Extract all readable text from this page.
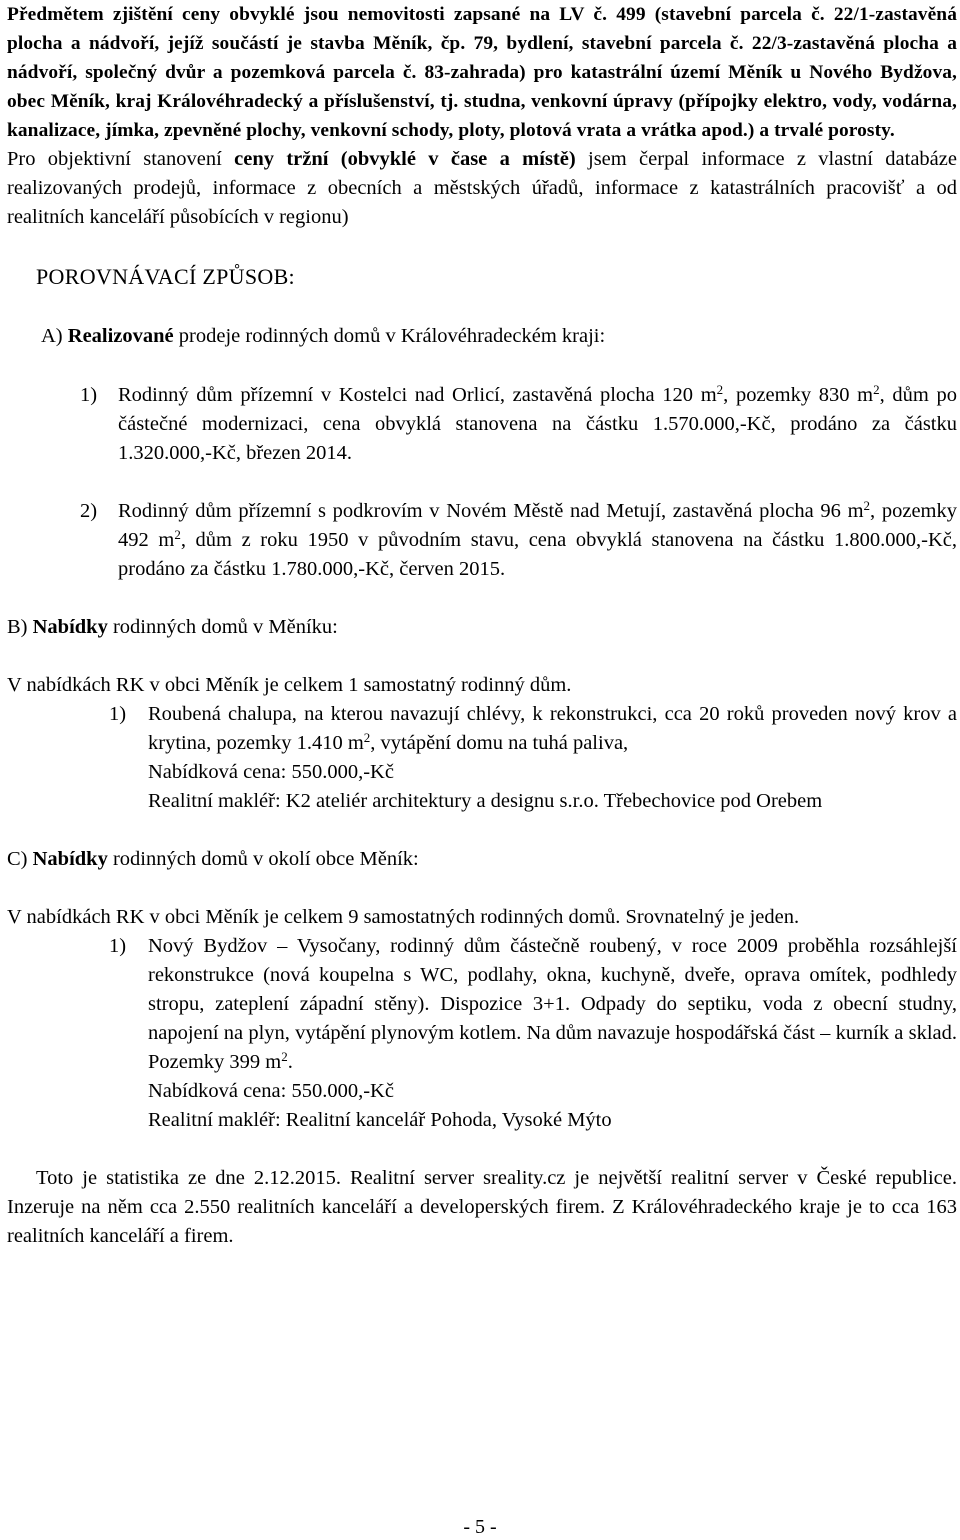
Předmětem zjištění ceny obvyklé jsou nemovitosti zapsané na LV č. 499 (stavební parcela č. 22/1-zastavěná plocha a nádvoří, jejíž součástí je stavba Měník, čp. 79, bydlení, stavební parcela č. 22/3-zastavěná plocha a nádvoří, společný dvůr a pozemková parcela č. 83-zahrada) pro katastrální území Měník u Nového Bydžova, obec Měník, kraj Královéhradecký a příslušenství, tj. studna, venkovní úpravy (přípojky elektro, vody, vodárna, kanalizace, jímka, zpevněné plochy, venkovní schody, ploty, plotová vrata a vrátka apod.) a trvalé porosty.

Pro objektivní stanovení ceny tržní (obvyklé v čase a místě) jsem čerpal informace z vlastní databáze realizovaných prodejů, informace z obecních a městských úřadů, informace z katastrálních pracovišť a od realitních kanceláří působících v regionu)

POROVNÁVACÍ ZPŮSOB:

A) Realizované prodeje rodinných domů v Královéhradeckém kraji:

1)	Rodinný dům přízemní v Kostelci nad Orlicí, zastavěná plocha 120 $m^2$, pozemky 830 $m^2$, dům po částečné modernizaci, cena obvyklá stanovena na částku 1.570.000,-Kč, prodáno za částku 1.320.000,-Kč, březen 2014.
2)	Rodinný dům přízemní s podkrovím v Novém Městě nad Metují, zastavěná plocha 96 $m^2$, pozemky 492 $m^2$, dům z roku 1950 v původním stavu, cena obvyklá stanovena na částku 1.800.000,-Kč, prodáno za částku 1.780.000,-Kč, červen 2015.

B) Nabídky rodinných domů v Měníku:

V nabídkách RK v obci Měník je celkem 1 samostatný rodinný dům.

1)	Roubená chalupa, na kterou navazují chlévy, k rekonstrukci, cca 20 roků proveden nový krov a krytina, pozemky 1.410 $m^2$, vytápění domu na tuhá paliva,
Nabídková cena: 550.000,-Kč
Realitní makléř: K2 ateliér architektury a designu s.r.o. Třebechovice pod Orebem

C) Nabídky rodinných domů v okolí obce Měník:

V nabídkách RK v obci Měník je celkem 9 samostatných rodinných domů. Srovnatelný je jeden.

1)	Nový Bydžov – Vysočany, rodinný dům částečně roubený, v roce 2009 proběhla rozsáhlejší rekonstrukce (nová koupelna s WC, podlahy, okna, kuchyně, dveře, oprava omítek, podhledy stropu, zateplení západní stěny). Dispozice 3+1. Odpady do septiku, voda z obecní studny, napojení na plyn, vytápění plynovým kotlem. Na dům navazuje hospodářská část – kurník a sklad. Pozemky 399 $m^2$.
Nabídková cena: 550.000,-Kč
Realitní makléř: Realitní kancelář Pohoda, Vysoké Mýto

Toto je statistika ze dne 2.12.2015. Realitní server sreality.cz je největší realitní server v České republice. Inzeruje na něm cca 2.550 realitních kanceláří a developerských firem. Z Královéhradeckého kraje je to cca 163 realitních kanceláří a firem.

- 5 -
